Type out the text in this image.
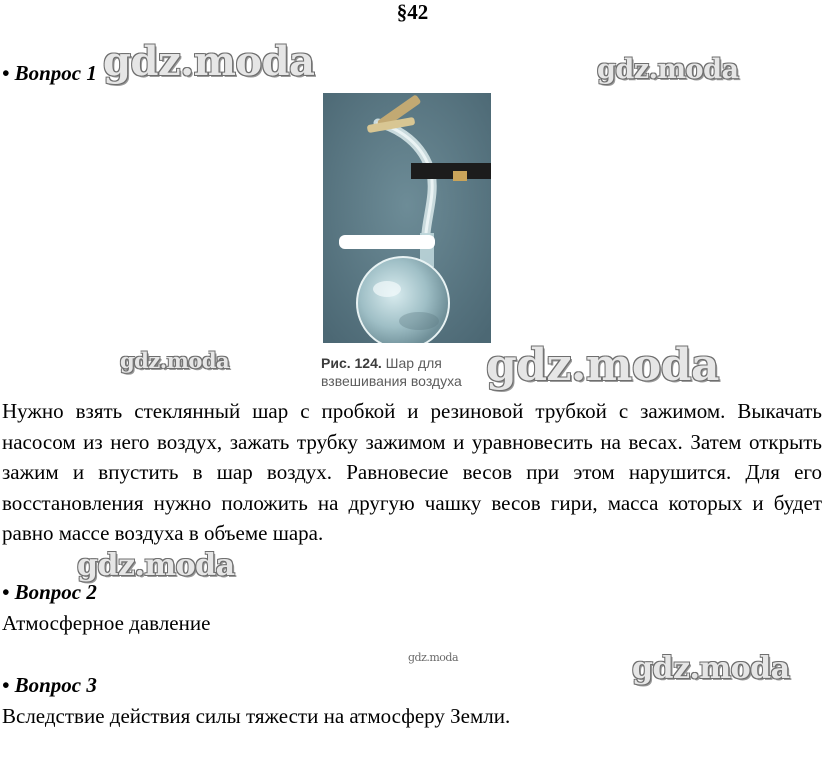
§42
• Вопрос 1
Рис. 124. Шар для
взвешивания воздуха
Нужно взять стеклянный шар с пробкой и резиновой трубкой с зажимом. Выкачать насосом из него воздух, зажать трубку зажимом и уравновесить на весах. Затем открыть зажим и впустить в шар воздух. Равновесие весов при этом нарушится. Для его восстановления нужно положить на другую чашку весов гири, масса которых и будет равно массе воздуха в объеме шара.
• Вопрос 2
Атмосферное давление
• Вопрос 3
Вследствие действия силы тяжести на атмосферу Земли.
gdz.moda	gdz.moda
gdz.moda	gdz.moda
gdz.moda
gdz.moda	gdz.moda
